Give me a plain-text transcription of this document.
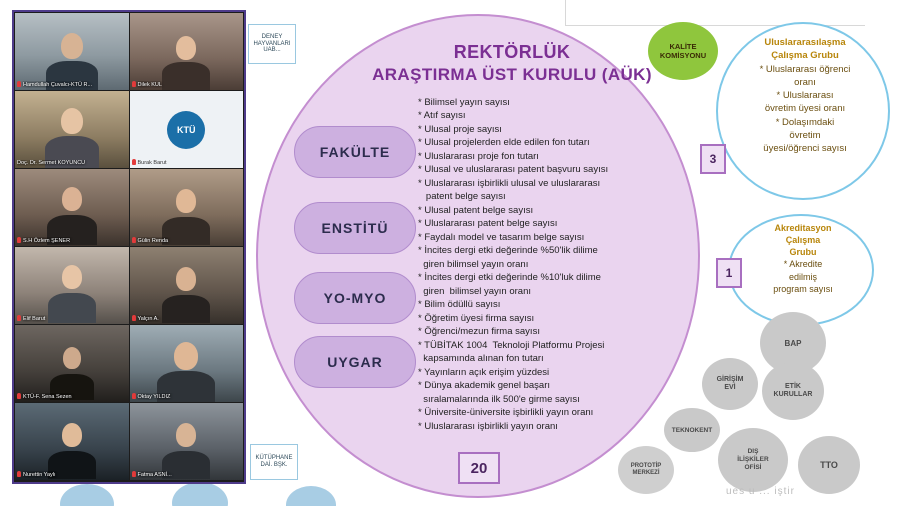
REKTÖRLÜK
ARAŞTIRMA ÜST KURULU (AÜK)
* Bilimsel yayın sayısı
* Atıf sayısı
* Ulusal proje sayısı
* Ulusal projelerden elde edilen fon tutarı
* Uluslararası proje fon tutarı
* Ulusal ve uluslararası patent başvuru sayısı
* Uluslararası işbirlikli ulusal ve uluslararası
patent belge sayısı
* Ulusal patent belge sayısı
* Uluslararası patent belge sayısı
* Faydalı model ve tasarım belge sayısı
* İncites dergi etki değerinde %50'lik dilime
giren bilimsel yayın oranı
* İncites dergi etki değerinde %10'luk dilime
giren  bilimsel yayın oranı
* Bilim ödüllü sayısı
* Öğretim üyesi firma sayısı
* Öğrenci/mezun firma sayısı
* TÜBİTAK 1004  Teknoloji Platformu Projesi
kapsamında alınan fon tutarı
* Yayınların açık erişim yüzdesi
* Dünya akademik genel başarı
sıralamalarında ilk 500'e girme sayısı
* Üniversite-üniversite işbirlikli yayın oranı
* Uluslararası işbirlikli yayın oranı
FAKÜLTE
ENSTİTÜ
YO-MYO
UYGAR
20
KALİTE
KOMİSYONU
Uluslararasılaşma
Çalışma Grubu
* Uluslararası öğrenci
oranı
* Uluslararası
övretim üyesi oranı
* Dolaşımdaki
övretim
üyesi/öğrenci sayısı
3
Akreditasyon
Çalışma
Grubu
* Akredite
edilmiş
program sayısı
1
BAP
GİRİŞİM
EVİ	ETİK
KURULLAR
TEKNOKENT
PROTOTİP
MERKEZİ
DIŞ
İLİŞKİLER
OFİSİ	TTO
DENEY
HAYVANLARI
UAB...
KÜTÜPHANE
DAİ. BŞK.
ues u ... iştir
Hamdullah Çuvalcı-KTÜ R...	Dilek KUL
Doç. Dr. Sermet KOYUNCU
KTÜ
Burak Barut
S.H Özlem ŞENER	Gülin Renda
Elif Barut	Yalçın A.
KTÜ-F. Sena Sezen	Oktay YILDIZ
Nurettin Yaylı	Fatma ASNİ...
